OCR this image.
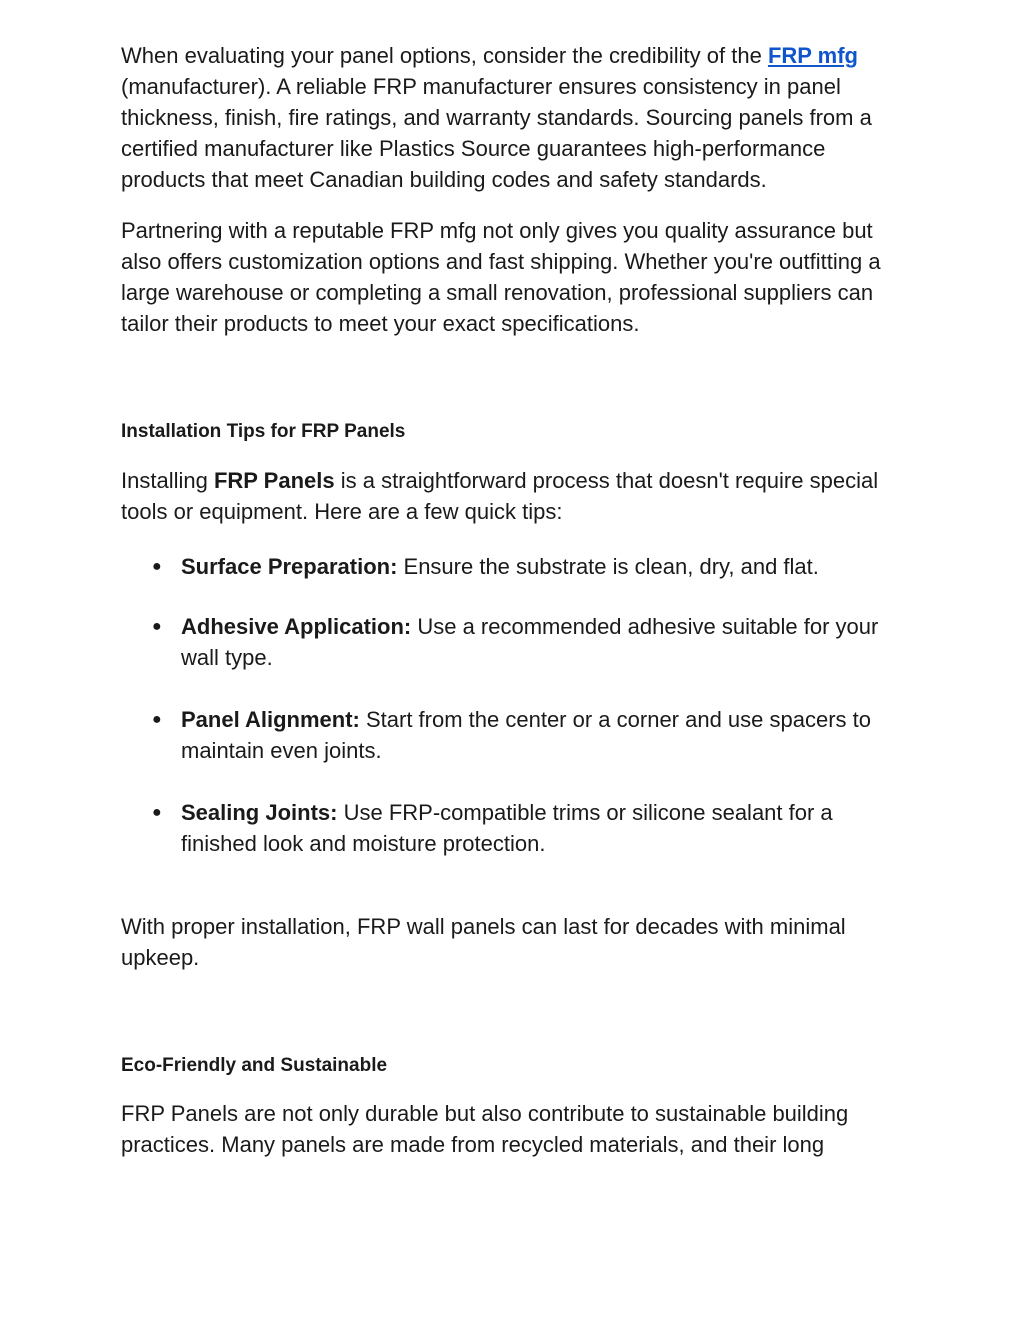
When evaluating your panel options, consider the credibility of the FRP mfg (manufacturer). A reliable FRP manufacturer ensures consistency in panel thickness, finish, fire ratings, and warranty standards. Sourcing panels from a certified manufacturer like Plastics Source guarantees high-performance products that meet Canadian building codes and safety standards.

Partnering with a reputable FRP mfg not only gives you quality assurance but also offers customization options and fast shipping. Whether you're outfitting a large warehouse or completing a small renovation, professional suppliers can tailor their products to meet your exact specifications.

Installation Tips for FRP Panels

Installing FRP Panels is a straightforward process that doesn't require special tools or equipment. Here are a few quick tips:

● Surface Preparation: Ensure the substrate is clean, dry, and flat.
● Adhesive Application: Use a recommended adhesive suitable for your wall type.
● Panel Alignment: Start from the center or a corner and use spacers to maintain even joints.
● Sealing Joints: Use FRP-compatible trims or silicone sealant for a finished look and moisture protection.

With proper installation, FRP wall panels can last for decades with minimal upkeep.

Eco-Friendly and Sustainable

FRP Panels are not only durable but also contribute to sustainable building practices. Many panels are made from recycled materials, and their long
